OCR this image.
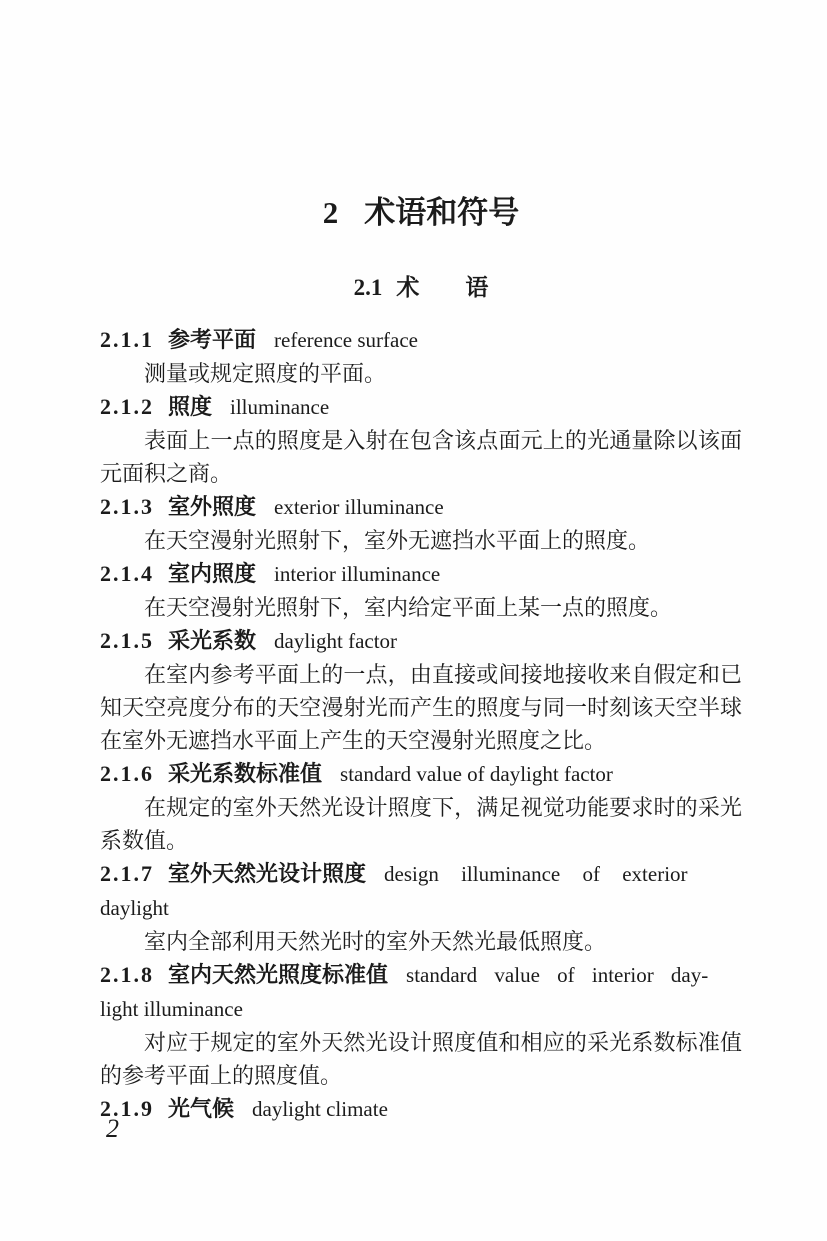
2 术语和符号
2.1 术　　语
2.1.1 参考平面 reference surface

测量或规定照度的平面。

2.1.2 照度 illuminance

表面上一点的照度是入射在包含该点面元上的光通量除以该面元面积之商。

2.1.3 室外照度 exterior illuminance

在天空漫射光照射下，室外无遮挡水平面上的照度。

2.1.4 室内照度 interior illuminance

在天空漫射光照射下，室内给定平面上某一点的照度。

2.1.5 采光系数 daylight factor

在室内参考平面上的一点，由直接或间接地接收来自假定和已知天空亮度分布的天空漫射光而产生的照度与同一时刻该天空半球在室外无遮挡水平面上产生的天空漫射光照度之比。

2.1.6 采光系数标准值 standard value of daylight factor

在规定的室外天然光设计照度下，满足视觉功能要求时的采光系数值。

2.1.7 室外天然光设计照度 design illuminance of exterior
daylight

室内全部利用天然光时的室外天然光最低照度。

2.1.8 室内天然光照度标准值 standard value of interior day-
light illuminance

对应于规定的室外天然光设计照度值和相应的采光系数标准值的参考平面上的照度值。

2.1.9 光气候 daylight climate
2
